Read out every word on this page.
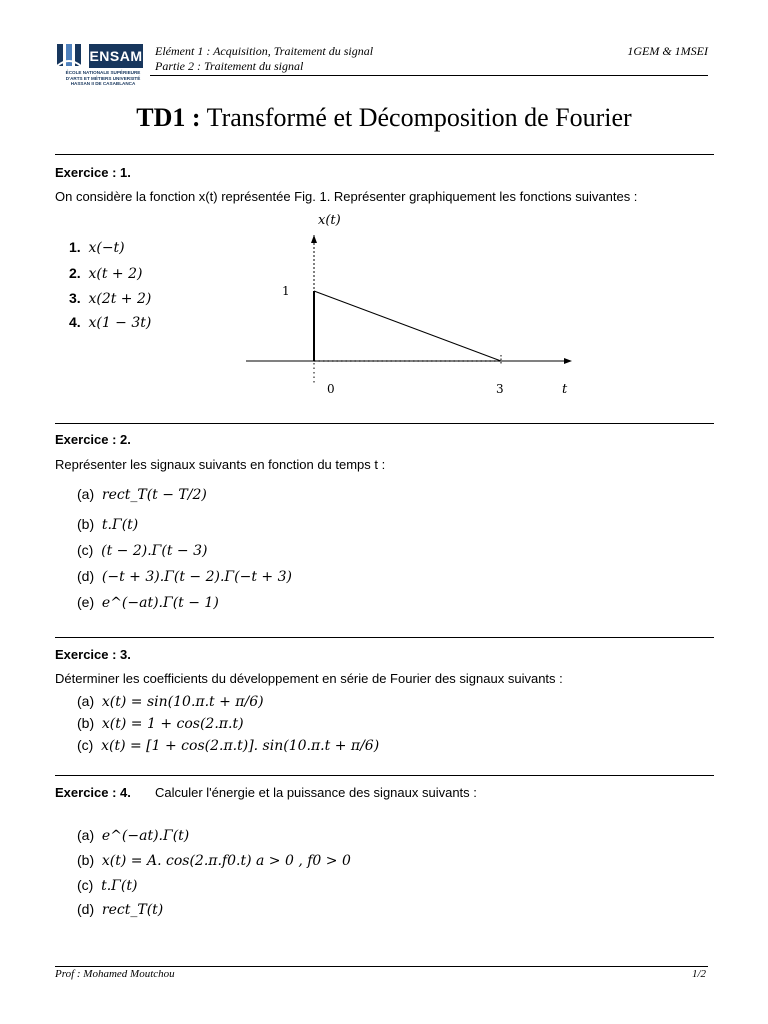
ENSAM
ÉCOLE NATIONALE SUPÉRIEURE D'ARTS ET MÉTIERS UNIVERSITÉ HASSAN II DE CASABLANCA
Elément 1 : Acquisition, Traitement du signal
Partie 2 : Traitement du signal
1GEM & 1MSEI
TD1 : Transformé et Décomposition de Fourier
Exercice : 1.
On considère la fonction x(t) représentée Fig. 1. Représenter graphiquement les fonctions suivantes :
1. x(−t)
2. x(t + 2)
3. x(2t + 2)
4. x(1 − 3t)
x(t)
1
0	3	t
Exercice : 2.
Représenter les signaux suivants en fonction du temps t :
(a) rect_T(t − T/2)
(b) t.Γ(t)
(c) (t − 2).Γ(t − 3)
(d) (−t + 3).Γ(t − 2).Γ(−t + 3)
(e) e^(−at).Γ(t − 1)
Exercice : 3.
Déterminer les coefficients du développement en série de Fourier des signaux suivants :
(a) x(t) = sin(10.π.t + π/6)
(b) x(t) = 1 + cos(2.π.t)
(c) x(t) = [1 + cos(2.π.t)]. sin(10.π.t + π/6)
Exercice : 4. Calculer l'énergie et la puissance des signaux suivants :
(a) e^(−at).Γ(t)
(b) x(t) = A. cos(2.π.f0.t) a > 0 , f0 > 0
(c) t.Γ(t)
(d) rect_T(t)
Prof : Mohamed Moutchou	1/2
